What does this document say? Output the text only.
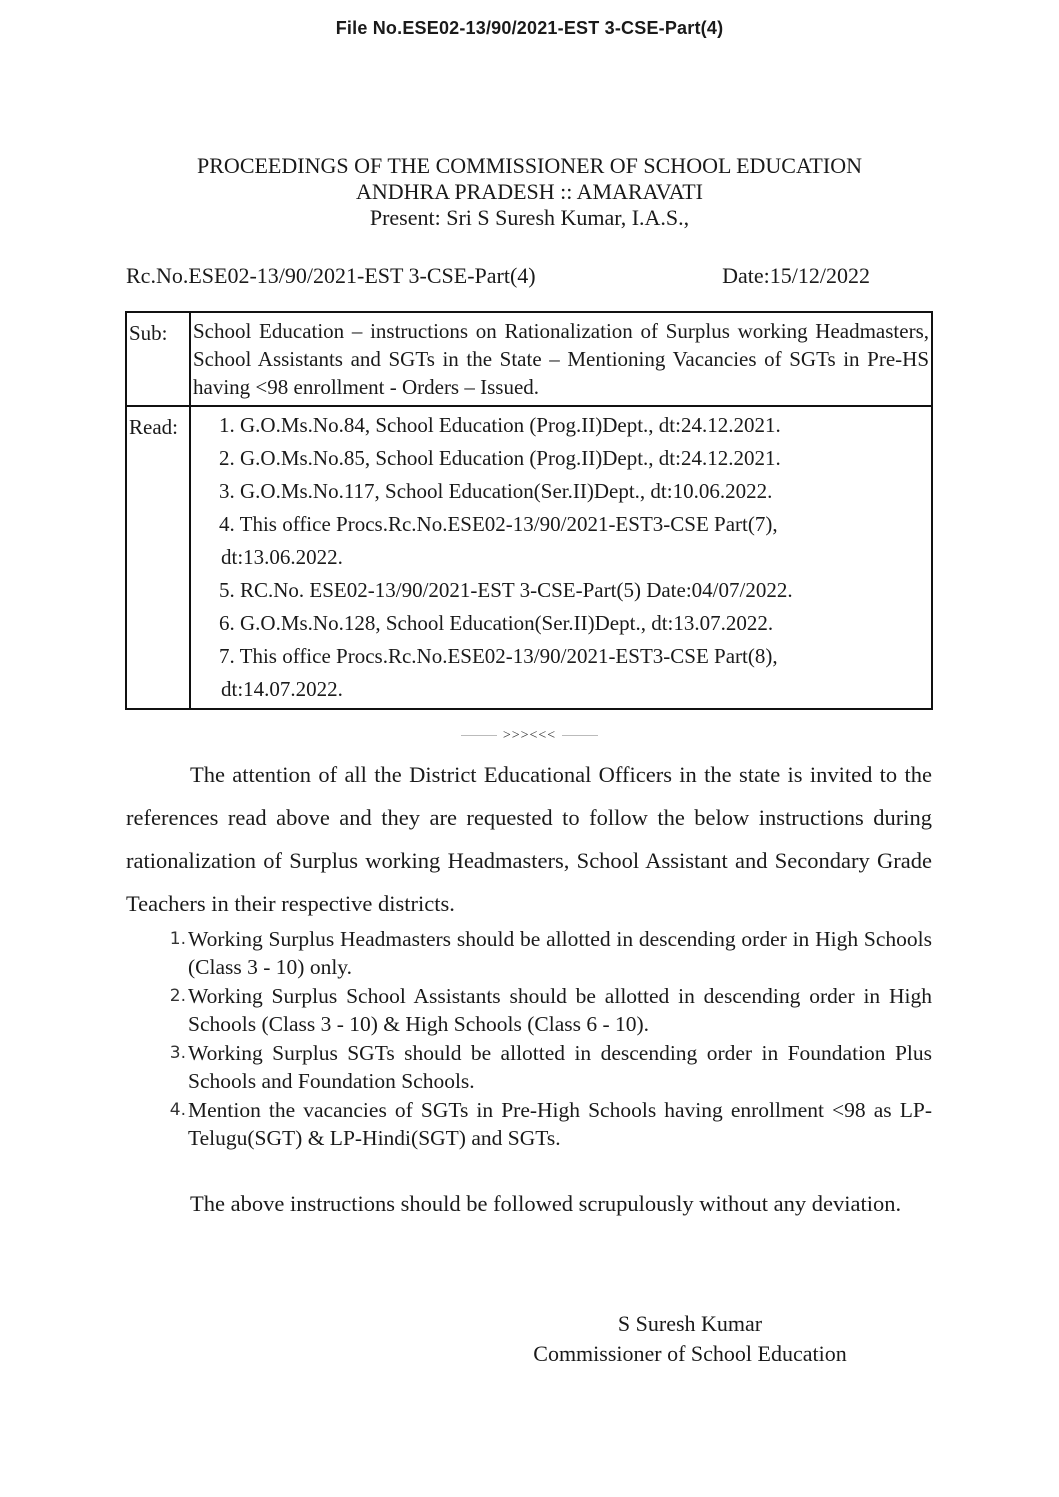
File No.ESE02-13/90/2021-EST 3-CSE-Part(4)
PROCEEDINGS OF THE COMMISSIONER OF SCHOOL EDUCATION
ANDHRA PRADESH :: AMARAVATI
Present: Sri S Suresh Kumar, I.A.S.,
Rc.No.ESE02-13/90/2021-EST 3-CSE-Part(4)	Date:15/12/2022
Sub:	School Education – instructions on Rationalization of Surplus working Headmasters, School Assistants and SGTs in the State – Mentioning Vacancies of SGTs in Pre-HS having <98 enrollment - Orders – Issued.
Read:	1. G.O.Ms.No.84, School Education (Prog.II)Dept., dt:24.12.2021.
2. G.O.Ms.No.85, School Education (Prog.II)Dept., dt:24.12.2021.
3. G.O.Ms.No.117, School Education(Ser.II)Dept., dt:10.06.2022.
4. This office Procs.Rc.No.ESE02-13/90/2021-EST3-CSE Part(7),
dt:13.06.2022.
5. RC.No. ESE02-13/90/2021-EST 3-CSE-Part(5) Date:04/07/2022.
6. G.O.Ms.No.128, School Education(Ser.II)Dept., dt:13.07.2022.
7. This office Procs.Rc.No.ESE02-13/90/2021-EST3-CSE Part(8),
dt:14.07.2022.
>>><<<
The attention of all the District Educational Officers in the state is invited to the references read above and they are requested to follow the below instructions during rationalization of Surplus working Headmasters, School Assistant and Secondary Grade Teachers in their respective districts.
1. Working Surplus Headmasters should be allotted in descending order in High Schools (Class 3 - 10) only.
2. Working Surplus School Assistants should be allotted in descending order in High Schools (Class 3 - 10) & High Schools (Class 6 - 10).
3. Working Surplus SGTs should be allotted in descending order in Foundation Plus Schools and Foundation Schools.
4. Mention the vacancies of SGTs in Pre-High Schools having enrollment <98 as LP-Telugu(SGT) & LP-Hindi(SGT) and SGTs.
The above instructions should be followed scrupulously without any deviation.
S Suresh Kumar
Commissioner of School Education
